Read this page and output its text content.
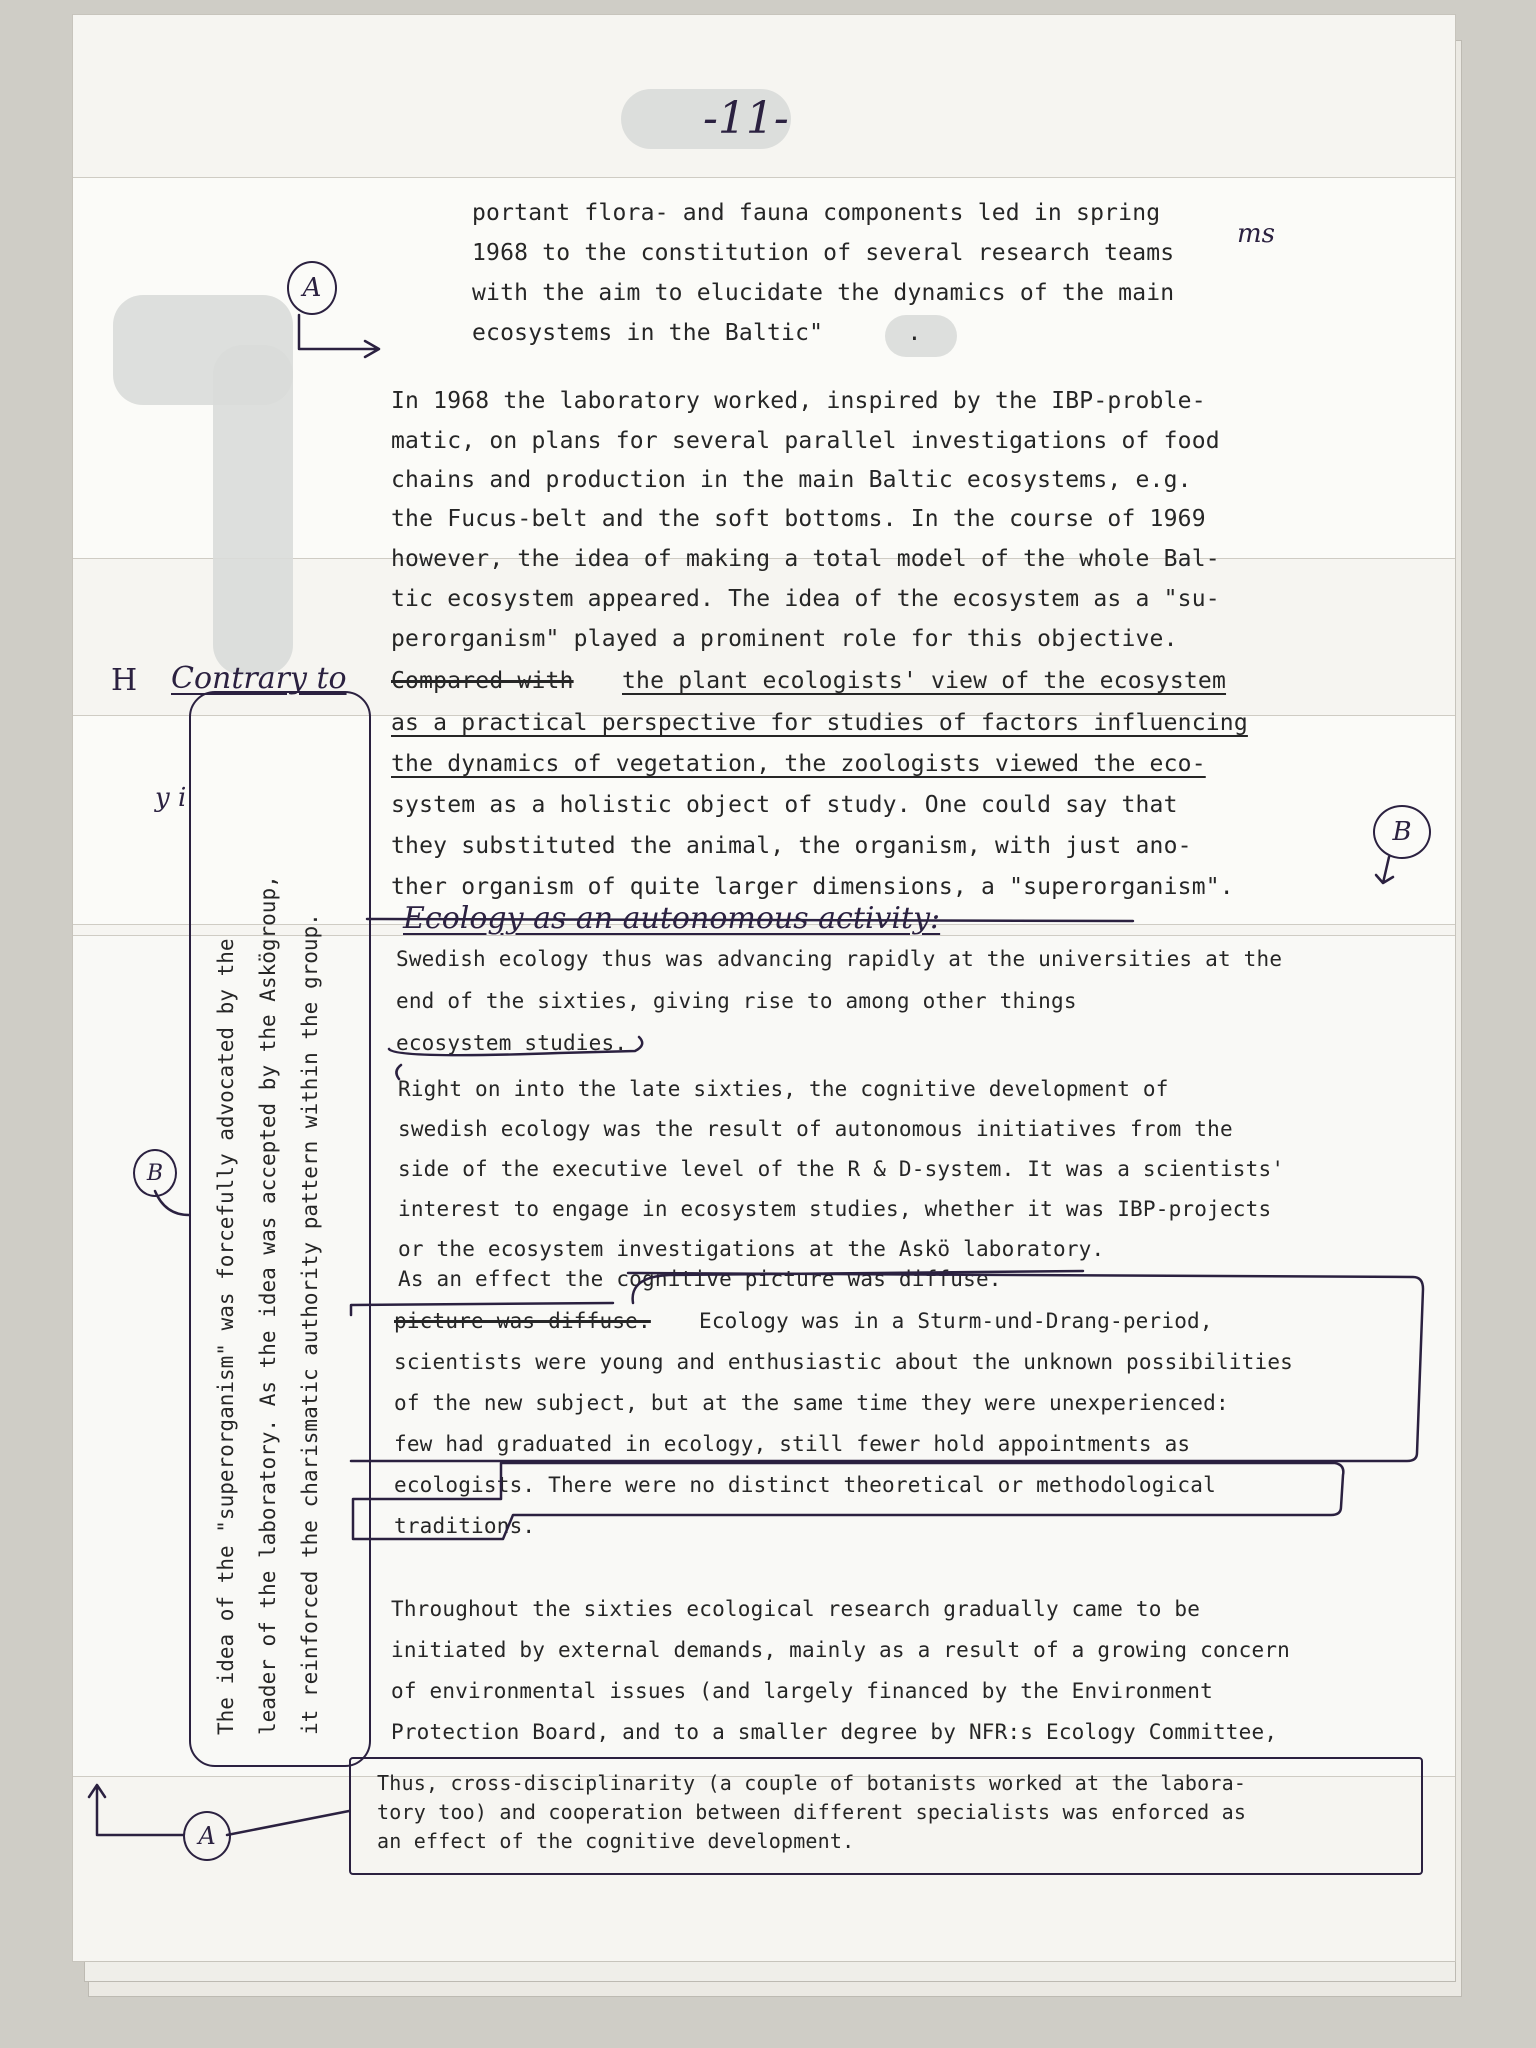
-11-
portant flora- and fauna components led in spring
1968 to the constitution of several research teams
with the aim to elucidate the dynamics of the main
ecosystems in the Baltic"      .
ms
In 1968 the laboratory worked, inspired by the IBP-proble-
matic, on plans for several parallel investigations of food
chains and production in the main Baltic ecosystems, e.g.
the Fucus-belt and the soft bottoms. In the course of 1969
however, the idea of making a total model of the whole Bal-
tic ecosystem appeared. The idea of the ecosystem as a "su-
perorganism" played a prominent role for this objective.
Contrary to Compared with the plant ecologists' view of the ecosystem
as a practical perspective for studies of factors influencing
the dynamics of vegetation, the zoologists viewed the eco-
system as a holistic object of study. One could say that
they substituted the animal, the organism, with just ano-
ther organism of quite larger dimensions, a "superorganism".
Ecology as an autonomous activity:
Swedish ecology thus was advancing rapidly at the universities at the
end of the sixties, giving rise to among other things
ecosystem studies.
Right on into the late sixties, the cognitive development of
swedish ecology was the result of autonomous initiatives from the
side of the executive level of the R & D-system. It was a scientists'
interest to engage in ecosystem studies, whether it was IBP-projects
or the ecosystem investigations at the Askö laboratory.
As an effect the cognitive picture was diffuse.
picture was diffuse. Ecology was in a Sturm-und-Drang-period,
scientists were young and enthusiastic about the unknown possibilities
of the new subject, but at the same time they were unexperienced:
few had graduated in ecology, still fewer hold appointments as
ecologists. There were no distinct theoretical or methodological
traditions.
Throughout the sixties ecological research gradually came to be
initiated by external demands, mainly as a result of a growing concern
of environmental issues (and largely financed by the Environment
Protection Board, and to a smaller degree by NFR:s Ecology Committee,
Thus, cross-disciplinarity (a couple of botanists worked at the labora-
tory too) and cooperation between different specialists was enforced as
an effect of the cognitive development.
The idea of the "superorganism" was forcefully advocated by the leader of the laboratory. As the idea was accepted by the Askögroup, it reinforced the charismatic authority pattern within the group.
A
B
B
A
H
y i
